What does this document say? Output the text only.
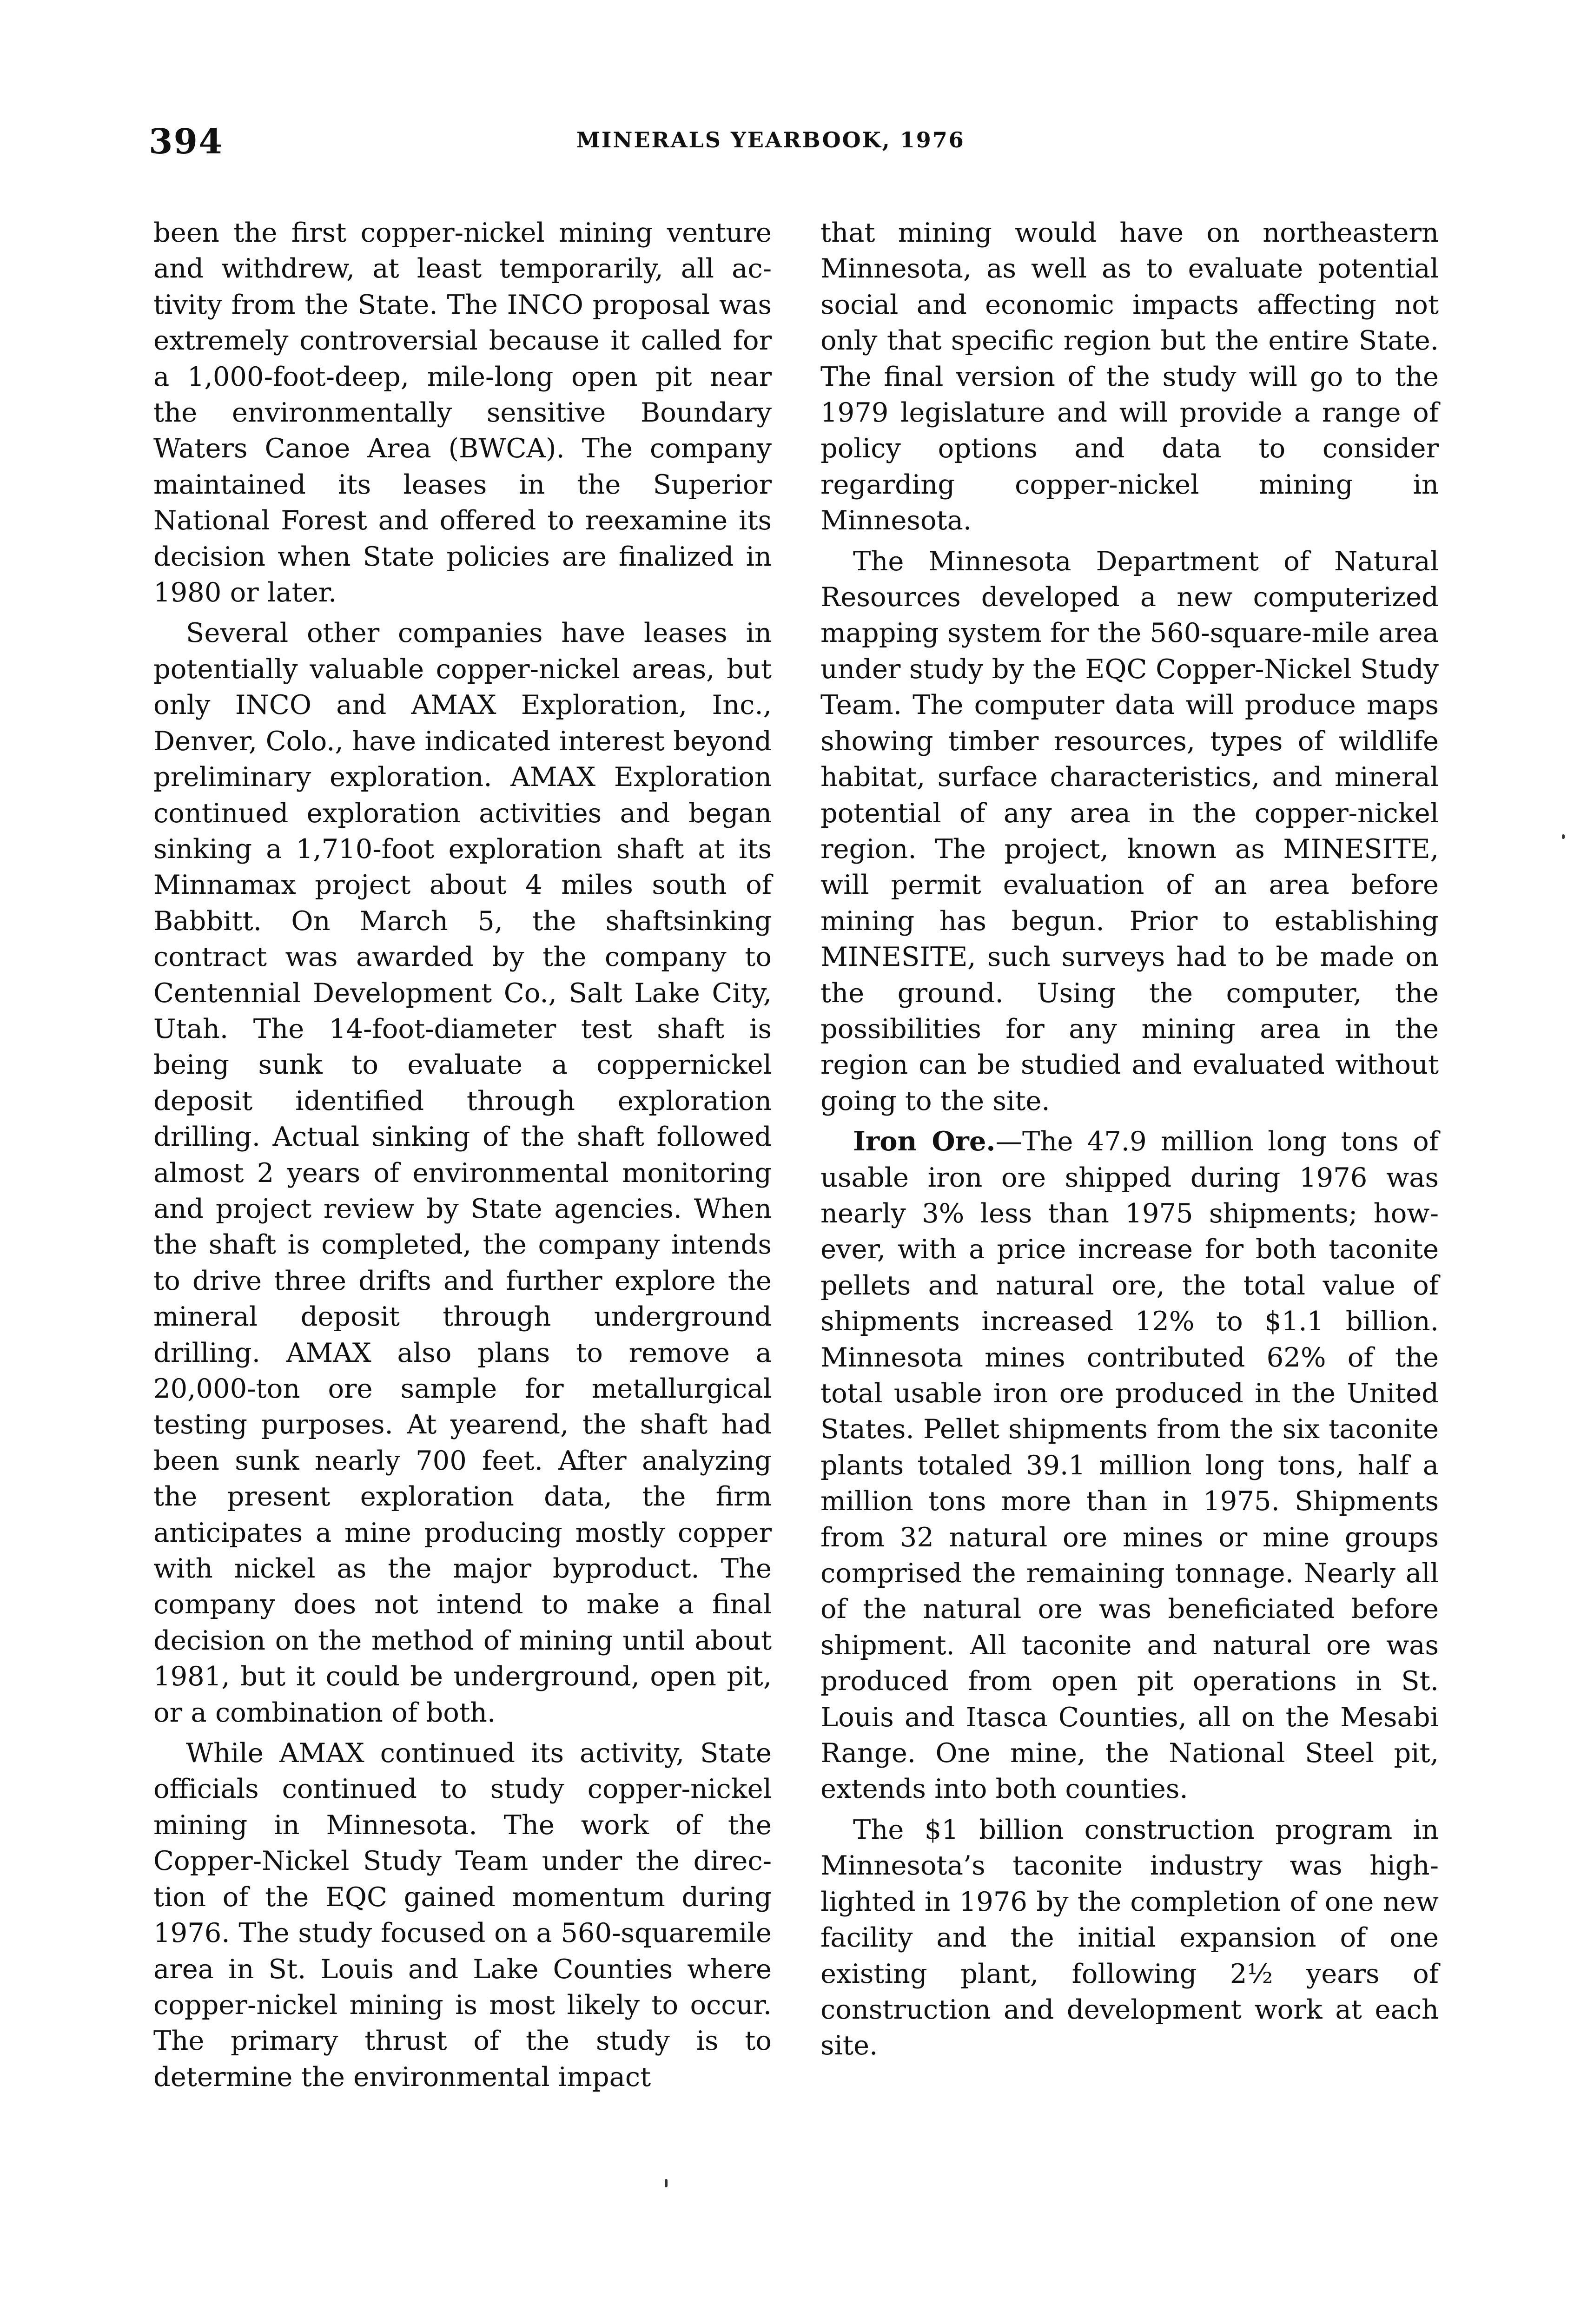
394	MINERALS YEARBOOK, 1976

been the first copper-nickel mining venture and withdrew, at least temporarily, all activity from the State. The INCO proposal was extremely controversial because it called for a 1,000-foot-deep, mile-long open pit near the environmentally sensitive Boundary Waters Canoe Area (BWCA). The company maintained its leases in the Superior National Forest and offered to reexamine its decision when State policies are finalized in 1980 or later.

Several other companies have leases in potentially valuable copper-nickel areas, but only INCO and AMAX Exploration, Inc., Denver, Colo., have indicated interest beyond preliminary exploration. AMAX Exploration continued exploration activities and began sinking a 1,710-foot exploration shaft at its Minnamax project about 4 miles south of Babbitt. On March 5, the shaftsinking contract was awarded by the company to Centennial Development Co., Salt Lake City, Utah. The 14-foot-diameter test shaft is being sunk to evaluate a coppernickel deposit identified through exploration drilling. Actual sinking of the shaft followed almost 2 years of environmental monitoring and project review by State agencies. When the shaft is completed, the company intends to drive three drifts and further explore the mineral deposit through underground drilling. AMAX also plans to remove a 20,000-ton ore sample for metallurgical testing purposes. At yearend, the shaft had been sunk nearly 700 feet. After analyzing the present exploration data, the firm anticipates a mine producing mostly copper with nickel as the major byproduct. The company does not intend to make a final decision on the method of mining until about 1981, but it could be underground, open pit, or a combination of both.

While AMAX continued its activity, State officials continued to study copper-nickel mining in Minnesota. The work of the Copper-Nickel Study Team under the direction of the EQC gained momentum during 1976. The study focused on a 560-squaremile area in St. Louis and Lake Counties where copper-nickel mining is most likely to occur. The primary thrust of the study is to determine the environmental impact

that mining would have on northeastern Minnesota, as well as to evaluate potential social and economic impacts affecting not only that specific region but the entire State. The final version of the study will go to the 1979 legislature and will provide a range of policy options and data to consider regarding copper-nickel mining in Minnesota.

The Minnesota Department of Natural Resources developed a new computerized mapping system for the 560-square-mile area under study by the EQC Copper-Nickel Study Team. The computer data will produce maps showing timber resources, types of wildlife habitat, surface characteristics, and mineral potential of any area in the copper-nickel region. The project, known as MINESITE, will permit evaluation of an area before mining has begun. Prior to establishing MINESITE, such surveys had to be made on the ground. Using the computer, the possibilities for any mining area in the region can be studied and evaluated without going to the site.

Iron Ore.—The 47.9 million long tons of usable iron ore shipped during 1976 was nearly 3% less than 1975 shipments; however, with a price increase for both taconite pellets and natural ore, the total value of shipments increased 12% to $1.1 billion. Minnesota mines contributed 62% of the total usable iron ore produced in the United States. Pellet shipments from the six taconite plants totaled 39.1 million long tons, half a million tons more than in 1975. Shipments from 32 natural ore mines or mine groups comprised the remaining tonnage. Nearly all of the natural ore was beneficiated before shipment. All taconite and natural ore was produced from open pit operations in St. Louis and Itasca Counties, all on the Mesabi Range. One mine, the National Steel pit, extends into both counties.

The $1 billion construction program in Minnesota’s taconite industry was highlighted in 1976 by the completion of one new facility and the initial expansion of one existing plant, following 2½ years of construction and development work at each site.
